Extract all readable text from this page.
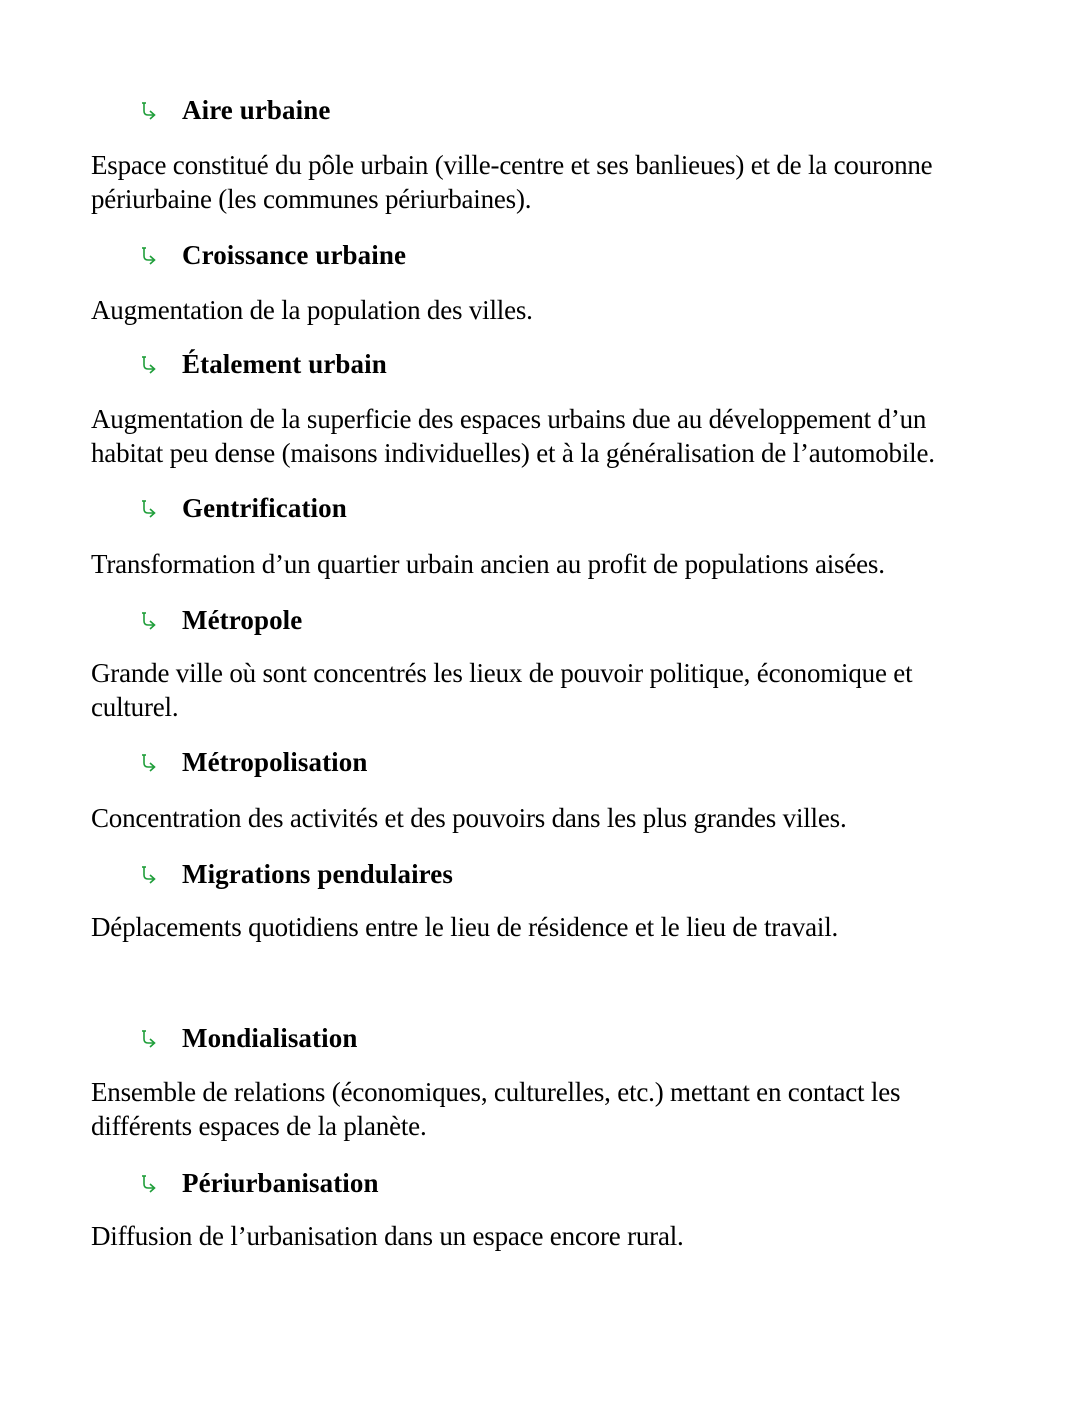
Aire urbaine
Espace constitué du pôle urbain (ville-centre et ses banlieues) et de la couronne périurbaine (les communes périurbaines).
Croissance urbaine
Augmentation de la population des villes.
Étalement urbain
Augmentation de la superficie des espaces urbains due au développement d’un habitat peu dense (maisons individuelles) et à la généralisation de l’automobile.
Gentrification
Transformation d’un quartier urbain ancien au profit de populations aisées.
Métropole
Grande ville où sont concentrés les lieux de pouvoir politique, économique et culturel.
Métropolisation
Concentration des activités et des pouvoirs dans les plus grandes villes.
Migrations pendulaires
Déplacements quotidiens entre le lieu de résidence et le lieu de travail.
Mondialisation
Ensemble de relations (économiques, culturelles, etc.) mettant en contact les différents espaces de la planète.
Périurbanisation
Diffusion de l’urbanisation dans un espace encore rural.
